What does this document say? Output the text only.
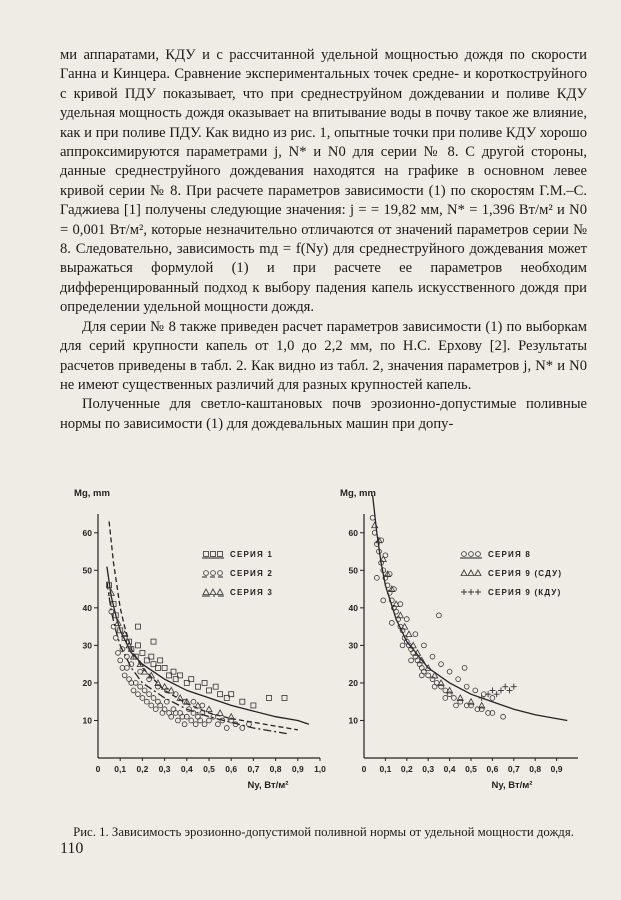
ми аппаратами, КДУ и с рассчитанной удельной мощностью дождя по скорости Ганна и Кинцера. Сравнение экспериментальных точек средне- и короткоструйного с кривой ПДУ показывает, что при среднеструйном дождевании и поливе КДУ удельная мощность дождя оказывает на впитывание воды в почву такое же влияние, как и при поливе ПДУ. Как видно из рис. 1, опытные точки при поливе КДУ хорошо аппроксимируются параметрами j, N* и N0 для серии № 8. С другой стороны, данные среднеструйного дождевания находятся на графике в основном левее кривой серии № 8. При расчете параметров зависимости (1) по скоростям Г.М.–С. Гаджиева [1] получены следующие значения: j = = 19,82 мм, N* = 1,396 Вт/м² и N0 = 0,001 Вт/м², которые незначительно отличаются от значений параметров серии № 8. Следовательно, зависимость mд = f(Ny) для среднеструйного дождевания может выражаться формулой (1) и при расчете ее параметров необходим дифференцированный подход к выбору падения капель искусственного дождя при определении удельной мощности дождя.

Для серии № 8 также приведен расчет параметров зависимости (1) по выборкам для серий крупности капель от 1,0 до 2,2 мм, по Н.С. Ерхову [2]. Результаты расчетов приведены в табл. 2. Как видно из табл. 2, значения параметров j, N* и N0 не имеют существенных различий для разных крупностей капель.

Полученные для светло-каштановых почв эрозионно-допустимые поливные нормы по зависимости (1) для дождевальных машин при допу-

10
20
30
40
50
60
0 0,1 0,2 0,3 0,4 0,5 0,6 0,7 0,8 0,9 1,0
Mg, mm
Ny, Вт/м²
СЕРИЯ 1
СЕРИЯ 2
СЕРИЯ 3
10
20
30
40
50
60
0 0,1 0,2 0,3 0,4 0,5 0,6 0,7 0,8 0,9
Mg, mm
Ny, Вт/м²
СЕРИЯ 8
СЕРИЯ 9 (СДУ)
СЕРИЯ 9 (КДУ)
Рис. 1. Зависимость эрозионно-допустимой поливной нормы от удельной мощности дождя.
110
